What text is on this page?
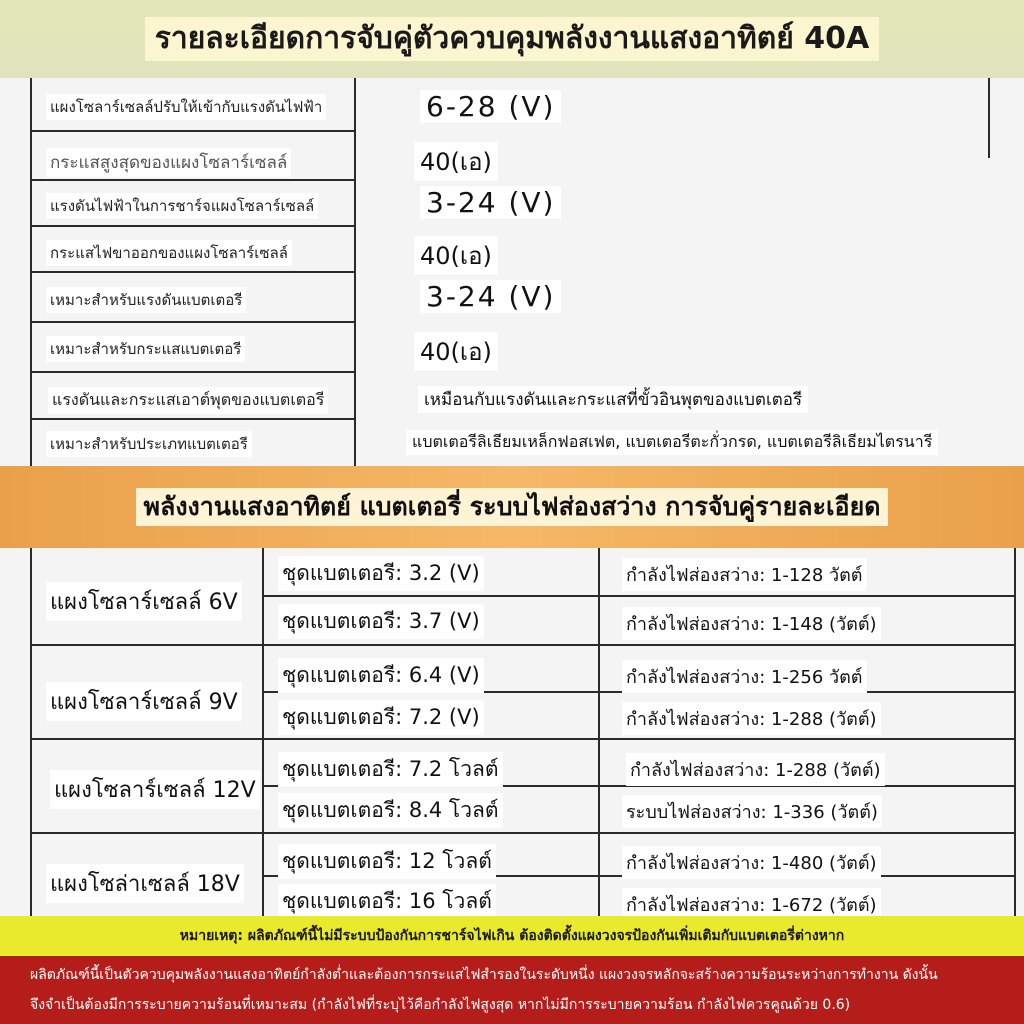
รายละเอียดการจับคู่ตัวควบคุมพลังงานแสงอาทิตย์ 40A
แผงโซลาร์เซลล์ปรับให้เข้ากับแรงดันไฟฟ้า	6-28 (V)
กระแสสูงสุดของแผงโซลาร์เซลล์	40(เอ)
แรงดันไฟฟ้าในการชาร์จแผงโซลาร์เซลล์	3-24 (V)
กระแสไฟขาออกของแผงโซลาร์เซลล์	40(เอ)
เหมาะสำหรับแรงดันแบตเตอรี	3-24 (V)
เหมาะสำหรับกระแสแบตเตอรี	40(เอ)
แรงดันและกระแสเอาต์พุตของแบตเตอรี	เหมือนกับแรงดันและกระแสที่ขั้วอินพุตของแบตเตอรี
เหมาะสำหรับประเภทแบตเตอรี	แบตเตอรีลิเธียมเหล็กฟอสเฟต, แบตเตอรีตะกั่วกรด, แบตเตอรีลิเธียมไตรนารี
พลังงานแสงอาทิตย์ แบตเตอรี่ ระบบไฟส่องสว่าง การจับคู่รายละเอียด
แผงโซลาร์เซลล์ 6V
ชุดแบตเตอรี: 3.2 (V)	กำลังไฟส่องสว่าง: 1-128 วัตต์
ชุดแบตเตอรี: 3.7 (V)	กำลังไฟส่องสว่าง: 1-148 (วัตต์)
แผงโซลาร์เซลล์ 9V
ชุดแบตเตอรี: 6.4 (V)	กำลังไฟส่องสว่าง: 1-256 วัตต์
ชุดแบตเตอรี: 7.2 (V)	กำลังไฟส่องสว่าง: 1-288 (วัตต์)
แผงโซลาร์เซลล์ 12V
ชุดแบตเตอรี: 7.2 โวลต์	กำลังไฟส่องสว่าง: 1-288 (วัตต์)
ชุดแบตเตอรี: 8.4 โวลต์	ระบบไฟส่องสว่าง: 1-336 (วัตต์)
แผงโซล่าเซลล์ 18V
ชุดแบตเตอรี: 12 โวลต์	กำลังไฟส่องสว่าง: 1-480 (วัตต์)
ชุดแบตเตอรี: 16 โวลต์	กำลังไฟส่องสว่าง: 1-672 (วัตต์)
หมายเหตุ: ผลิตภัณฑ์นี้ไม่มีระบบป้องกันการชาร์จไฟเกิน ต้องติดตั้งแผงวงจรป้องกันเพิ่มเติมกับแบตเตอรี่ต่างหาก
ผลิตภัณฑ์นี้เป็นตัวควบคุมพลังงานแสงอาทิตย์กำลังต่ำและต้องการกระแสไฟสำรองในระดับหนึ่ง แผงวงจรหลักจะสร้างความร้อนระหว่างการทำงาน ดังนั้น
จึงจำเป็นต้องมีการระบายความร้อนที่เหมาะสม (กำลังไฟที่ระบุไว้คือกำลังไฟสูงสุด หากไม่มีการระบายความร้อน กำลังไฟควรคูณด้วย 0.6)
